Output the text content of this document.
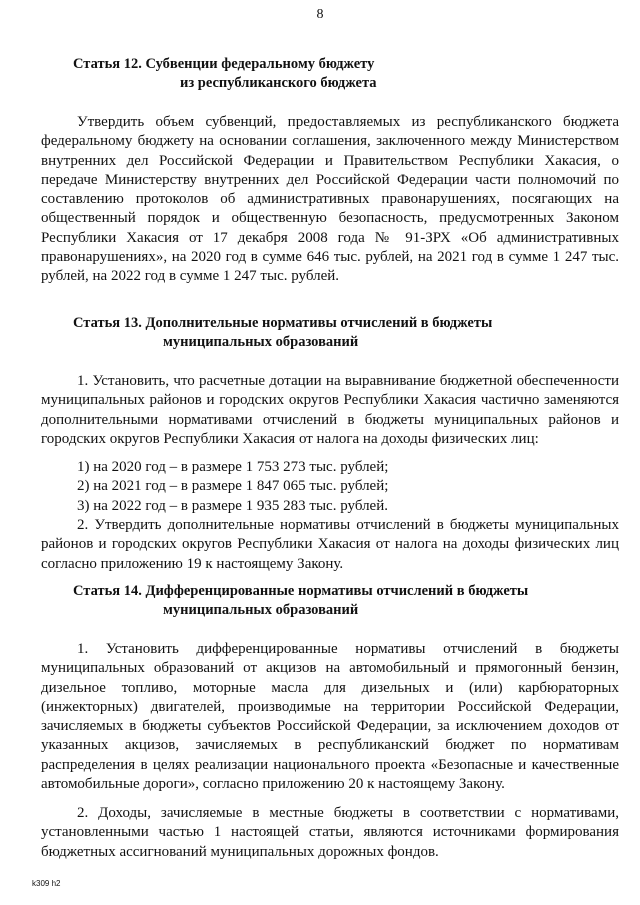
8
Статья 12. Субвенции федеральному бюджету
из республиканского бюджета

Утвердить объем субвенций, предоставляемых из республиканского бюджета федеральному бюджету на основании соглашения, заключенного между Министерством внутренних дел Российской Федерации и Правительством Республики Хакасия, о передаче Министерству внутренних дел Российской Федерации части полномочий по составлению протоколов об административных правонарушениях, посягающих на общественный порядок и общественную безопасность, предусмотренных Законом Республики Хакасия от 17 декабря 2008 года № 91-ЗРХ «Об административных правонарушениях», на 2020 год в сумме 646 тыс. рублей, на 2021 год в сумме 1 247 тыс. рублей, на 2022 год в сумме 1 247 тыс. рублей.

Статья 13. Дополнительные нормативы отчислений в бюджеты
муниципальных образований

1. Установить, что расчетные дотации на выравнивание бюджетной обеспеченности муниципальных районов и городских округов Республики Хакасия частично заменяются дополнительными нормативами отчислений в бюджеты муниципальных районов и городских округов Республики Хакасия от налога на доходы физических лиц:

1) на 2020 год – в размере 1 753 273 тыс. рублей;

2) на 2021 год – в размере 1 847 065 тыс. рублей;

3) на 2022 год – в размере 1 935 283 тыс. рублей.

2. Утвердить дополнительные нормативы отчислений в бюджеты муниципальных районов и городских округов Республики Хакасия от налога на доходы физических лиц согласно приложению 19 к настоящему Закону.

Статья 14. Дифференцированные нормативы отчислений в бюджеты
муниципальных образований

1. Установить дифференцированные нормативы отчислений в бюджеты муниципальных образований от акцизов на автомобильный и прямогонный бензин, дизельное топливо, моторные масла для дизельных и (или) карбюраторных (инжекторных) двигателей, производимые на территории Российской Федерации, зачисляемых в бюджеты субъектов Российской Федерации, за исключением доходов от указанных акцизов, зачисляемых в республиканский бюджет по нормативам распределения в целях реализации национального проекта «Безопасные и качественные автомобильные дороги», согласно приложению 20 к настоящему Закону.

2. Доходы, зачисляемые в местные бюджеты в соответствии с нормативами, установленными частью 1 настоящей статьи, являются источниками формирования бюджетных ассигнований муниципальных дорожных фондов.

k309 h2
